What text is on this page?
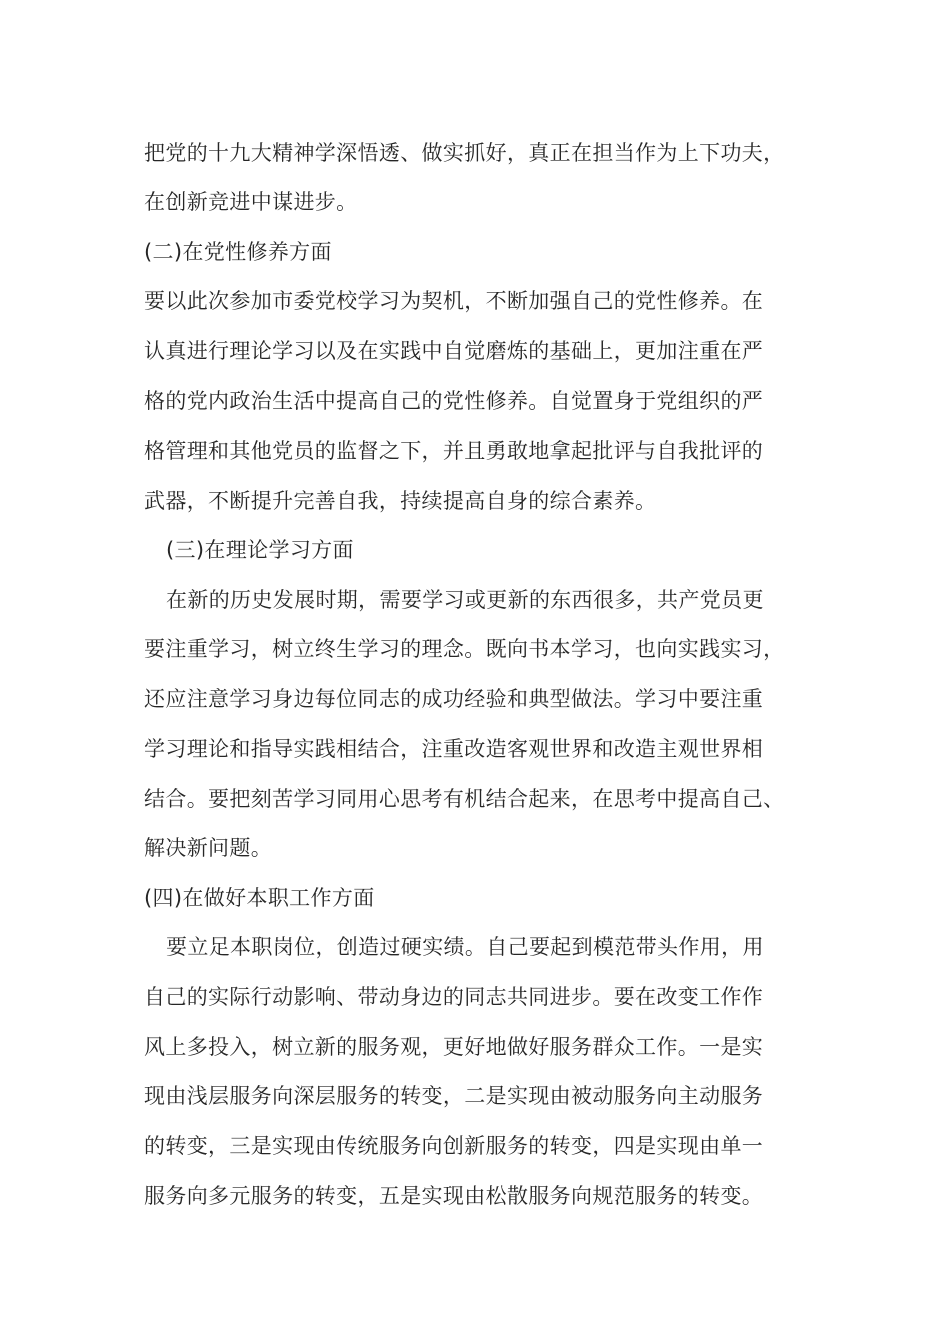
把党的十九大精神学深悟透、做实抓好，真正在担当作为上下功夫，
在创新竞进中谋进步。
(二)在党性修养方面
要以此次参加市委党校学习为契机，不断加强自己的党性修养。在
认真进行理论学习以及在实践中自觉磨炼的基础上，更加注重在严
格的党内政治生活中提高自己的党性修养。自觉置身于党组织的严
格管理和其他党员的监督之下，并且勇敢地拿起批评与自我批评的
武器，不断提升完善自我，持续提高自身的综合素养。
(三)在理论学习方面
在新的历史发展时期，需要学习或更新的东西很多，共产党员更
要注重学习，树立终生学习的理念。既向书本学习，也向实践实习，
还应注意学习身边每位同志的成功经验和典型做法。学习中要注重
学习理论和指导实践相结合，注重改造客观世界和改造主观世界相
结合。要把刻苦学习同用心思考有机结合起来，在思考中提高自己、
解决新问题。
(四)在做好本职工作方面
要立足本职岗位，创造过硬实绩。自己要起到模范带头作用，用
自己的实际行动影响、带动身边的同志共同进步。要在改变工作作
风上多投入，树立新的服务观，更好地做好服务群众工作。一是实
现由浅层服务向深层服务的转变，二是实现由被动服务向主动服务
的转变，三是实现由传统服务向创新服务的转变，四是实现由单一
服务向多元服务的转变，五是实现由松散服务向规范服务的转变。
